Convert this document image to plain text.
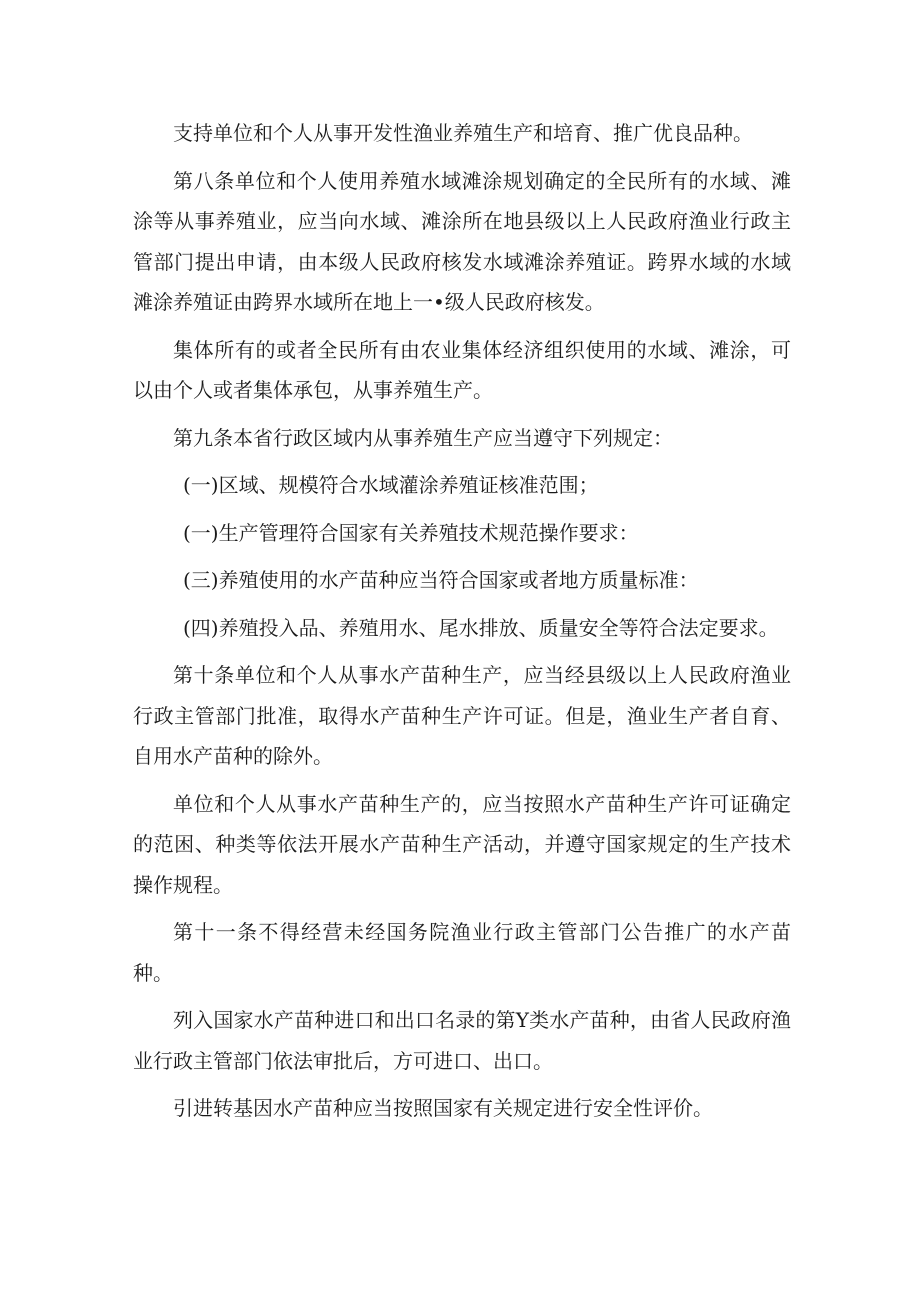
支持单位和个人从事开发性渔业养殖生产和培育、推广优良品种。

第八条单位和个人使用养殖水域滩涂规划确定的全民所有的水域、滩涂等从事养殖业，应当向水域、滩涂所在地县级以上人民政府渔业行政主管部门提出申请，由本级人民政府核发水域滩涂养殖证。跨界水域的水域滩涂养殖证由跨界水域所在地上一•级人民政府核发。

集体所有的或者全民所有由农业集体经济组织使用的水域、滩涂，可以由个人或者集体承包，从事养殖生产。

第九条本省行政区域内从事养殖生产应当遵守下列规定：

(一)区域、规模符合水域灌涂养殖证核准范围；

(一)生产管理符合国家有关养殖技术规范操作要求：

(三)养殖使用的水产苗种应当符合国家或者地方质量标准：

(四)养殖投入品、养殖用水、尾水排放、质量安全等符合法定要求。

第十条单位和个人从事水产苗种生产，应当经县级以上人民政府渔业行政主管部门批准，取得水产苗种生产许可证。但是，渔业生产者自育、自用水产苗种的除外。

单位和个人从事水产苗种生产的，应当按照水产苗种生产许可证确定的范困、种类等依法开展水产苗种生产活动，并遵守国家规定的生产技术操作规程。

第十一条不得经营未经国务院渔业行政主管部门公告推广的水产苗种。

列入国家水产苗种进口和出口名录的第Y类水产苗种，由省人民政府渔业行政主管部门依法审批后，方可进口、出口。

引进转基因水产苗种应当按照国家有关规定进行安全性评价。
